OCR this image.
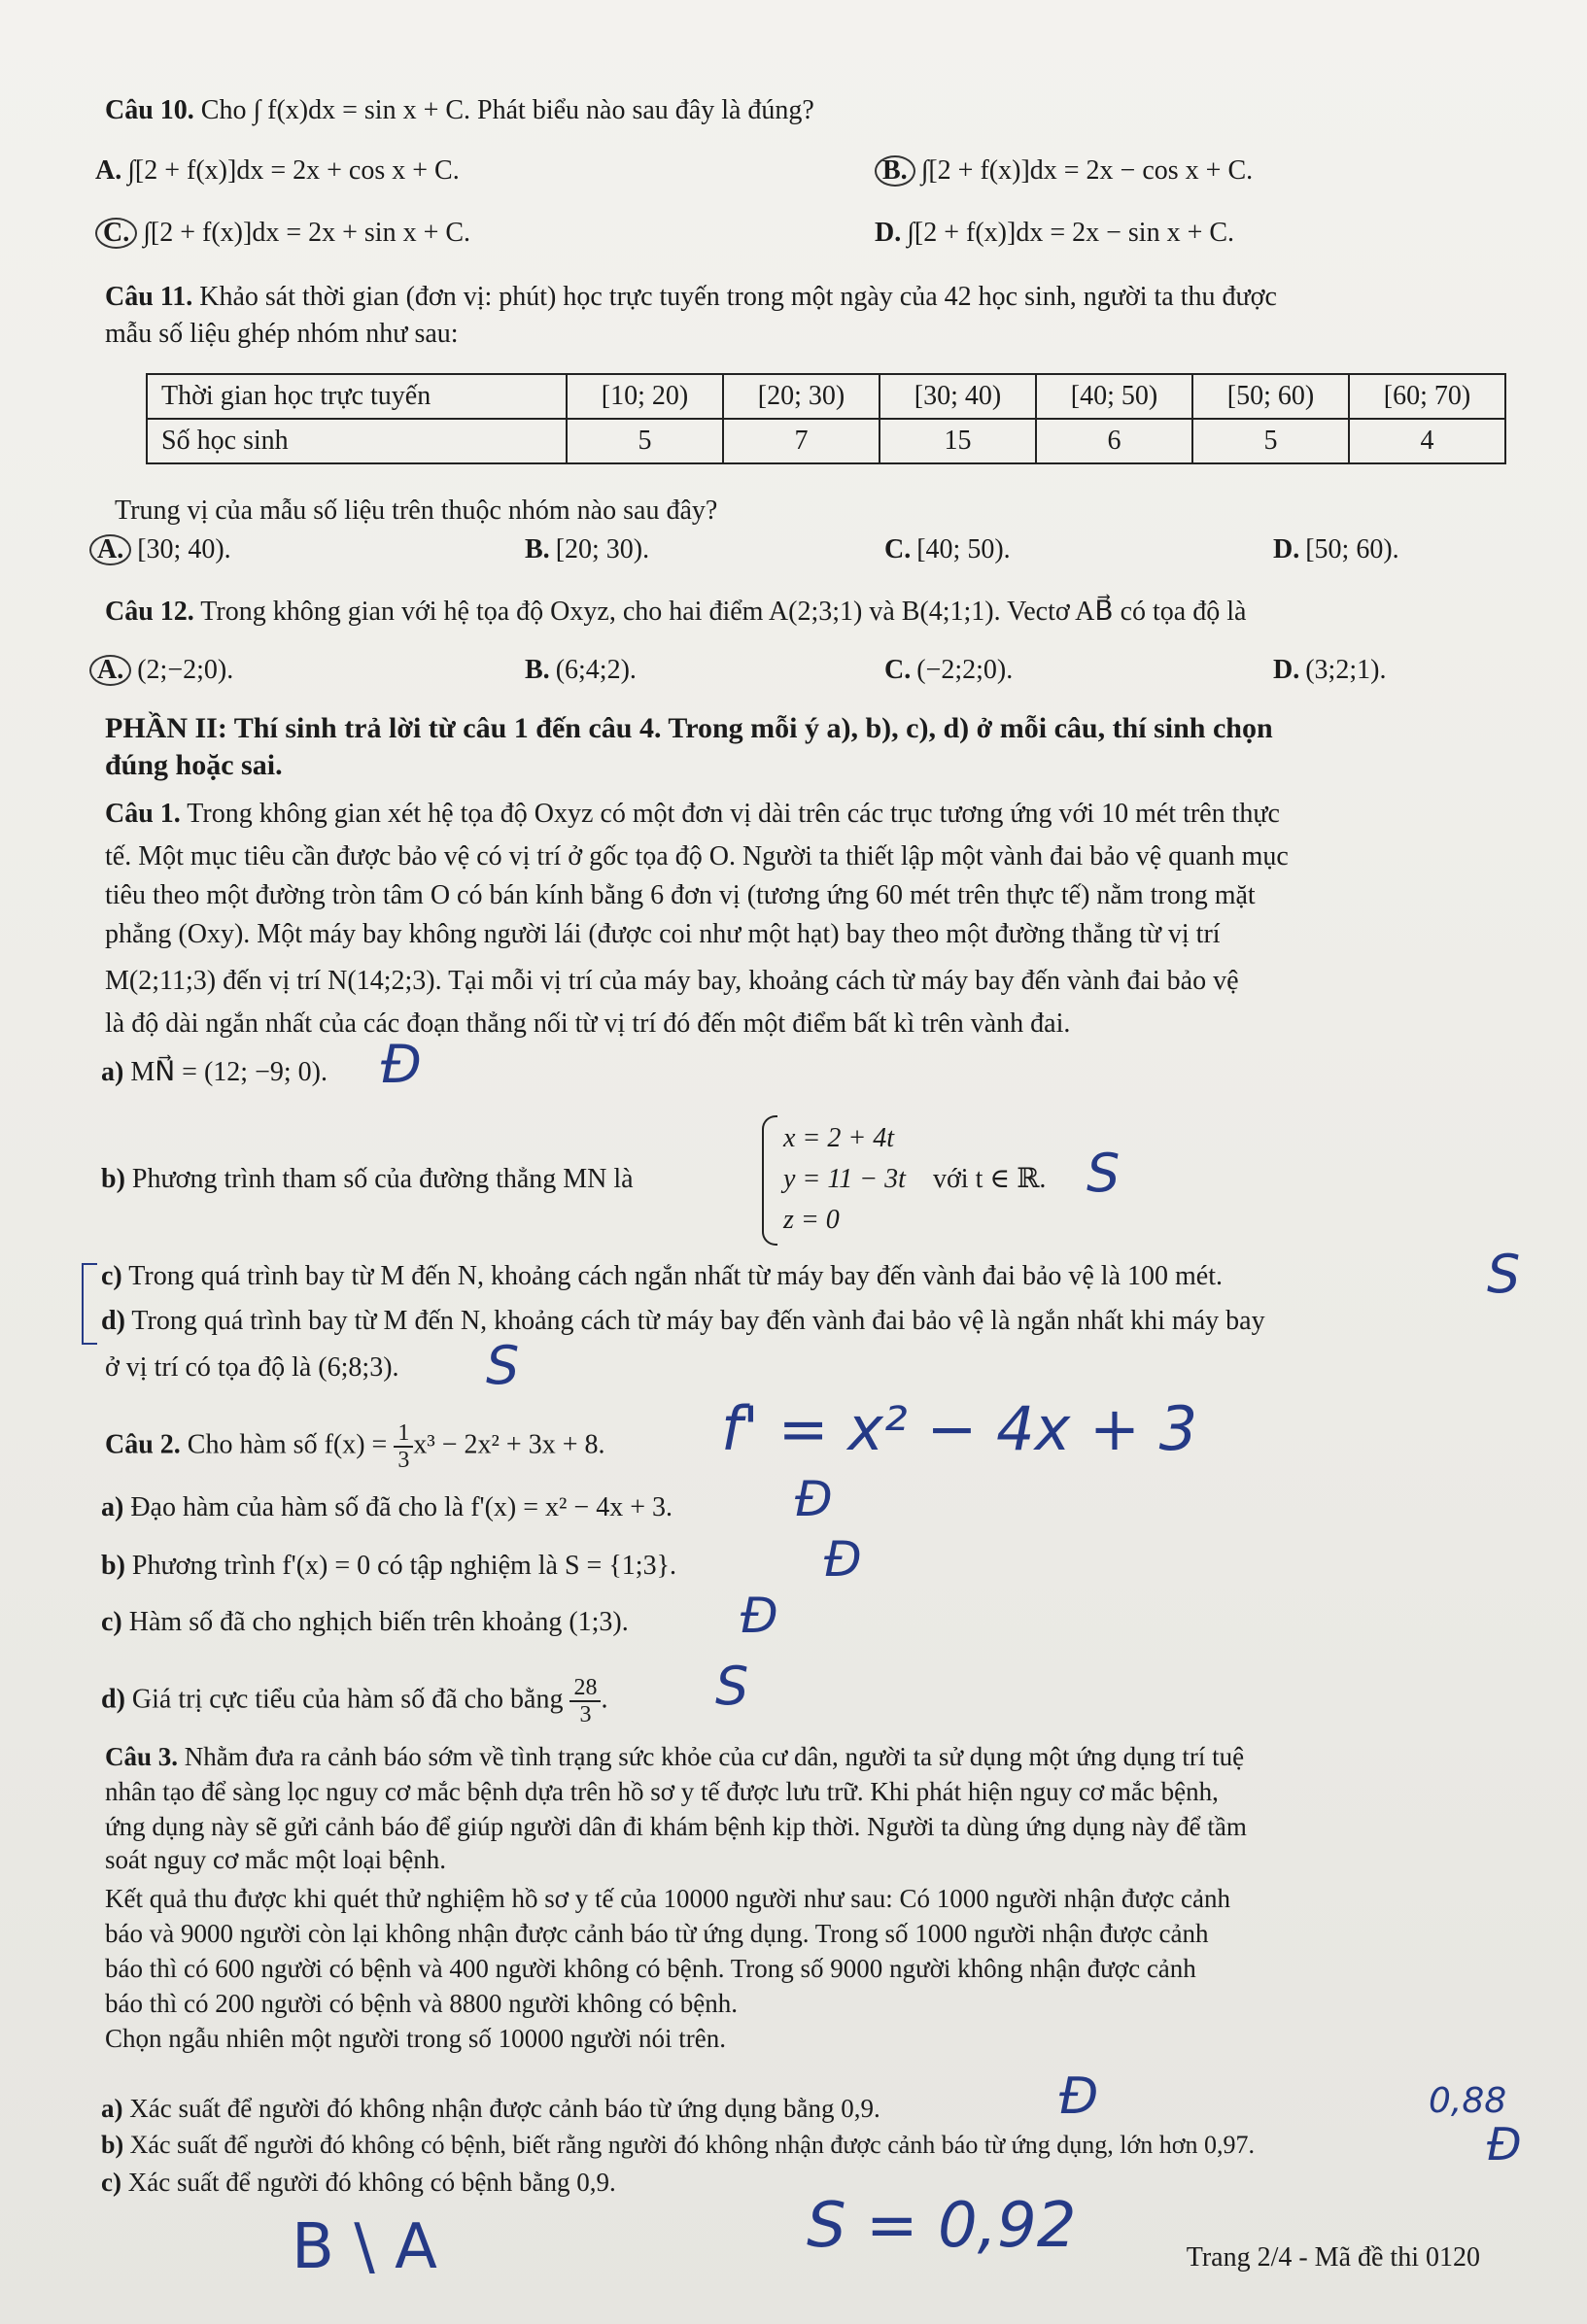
Câu 10. Cho ∫ f(x)dx = sin x + C. Phát biểu nào sau đây là đúng?
A. ∫[2 + f(x)]dx = 2x + cos x + C.	B. ∫[2 + f(x)]dx = 2x − cos x + C.
C. ∫[2 + f(x)]dx = 2x + sin x + C.	D. ∫[2 + f(x)]dx = 2x − sin x + C.
Câu 11. Khảo sát thời gian (đơn vị: phút) học trực tuyến trong một ngày của 42 học sinh, người ta thu được
mẫu số liệu ghép nhóm như sau:
Thời gian học trực tuyến	[10; 20)	[20; 30)	[30; 40)	[40; 50)	[50; 60)	[60; 70)
Số học sinh	5	7	15	6	5	4
Trung vị của mẫu số liệu trên thuộc nhóm nào sau đây?
A. [30; 40).	B. [20; 30).	C. [40; 50).	D. [50; 60).
Câu 12. Trong không gian với hệ tọa độ Oxyz, cho hai điểm A(2;3;1) và B(4;1;1). Vectơ AB⃗ có tọa độ là
A. (2;−2;0).	B. (6;4;2).	C. (−2;2;0).	D. (3;2;1).
PHẦN II: Thí sinh trả lời từ câu 1 đến câu 4. Trong mỗi ý a), b), c), d) ở mỗi câu, thí sinh chọn
đúng hoặc sai.
Câu 1. Trong không gian xét hệ tọa độ Oxyz có một đơn vị dài trên các trục tương ứng với 10 mét trên thực
tế. Một mục tiêu cần được bảo vệ có vị trí ở gốc tọa độ O. Người ta thiết lập một vành đai bảo vệ quanh mục
tiêu theo một đường tròn tâm O có bán kính bằng 6 đơn vị (tương ứng 60 mét trên thực tế) nằm trong mặt
phẳng (Oxy). Một máy bay không người lái (được coi như một hạt) bay theo một đường thẳng từ vị trí
M(2;11;3) đến vị trí N(14;2;3). Tại mỗi vị trí của máy bay, khoảng cách từ máy bay đến vành đai bảo vệ
là độ dài ngắn nhất của các đoạn thẳng nối từ vị trí đó đến một điểm bất kì trên vành đai.
a) MN⃗ = (12; −9; 0). Đ
b) Phương trình tham số của đường thẳng MN là
x = 2 + 4t
y = 11 − 3t
z = 0
với t ∈ ℝ. S
c) Trong quá trình bay từ M đến N, khoảng cách ngắn nhất từ máy bay đến vành đai bảo vệ là 100 mét.	S
d) Trong quá trình bay từ M đến N, khoảng cách từ máy bay đến vành đai bảo vệ là ngắn nhất khi máy bay
ở vị trí có tọa độ là (6;8;3). S
Câu 2. Cho hàm số $f(x) = \frac{1}{3} x^3 - 2x^2 + 3x + 8$. f' = x² − 4x + 3
a) Đạo hàm của hàm số đã cho là f'(x) = x² − 4x + 3.	Đ
b) Phương trình f'(x) = 0 có tập nghiệm là S = {1;3}.	Đ
c) Hàm số đã cho nghịch biến trên khoảng (1;3). Đ
d) Giá trị cực tiểu của hàm số đã cho bằng $\frac{28}{3}$ . S
Câu 3. Nhằm đưa ra cảnh báo sớm về tình trạng sức khỏe của cư dân, người ta sử dụng một ứng dụng trí tuệ
nhân tạo để sàng lọc nguy cơ mắc bệnh dựa trên hồ sơ y tế được lưu trữ. Khi phát hiện nguy cơ mắc bệnh,
ứng dụng này sẽ gửi cảnh báo để giúp người dân đi khám bệnh kịp thời. Người ta dùng ứng dụng này để tầm
soát nguy cơ mắc một loại bệnh.
Kết quả thu được khi quét thử nghiệm hồ sơ y tế của 10000 người như sau: Có 1000 người nhận được cảnh
báo và 9000 người còn lại không nhận được cảnh báo từ ứng dụng. Trong số 1000 người nhận được cảnh
báo thì có 600 người có bệnh và 400 người không có bệnh. Trong số 9000 người không nhận được cảnh
báo thì có 200 người có bệnh và 8800 người không có bệnh.
Chọn ngẫu nhiên một người trong số 10000 người nói trên.
a) Xác suất để người đó không nhận được cảnh báo từ ứng dụng bằng 0,9.	Đ
b) Xác suất để người đó không có bệnh, biết rằng người đó không nhận được cảnh báo từ ứng dụng, lớn hơn 0,97.
0,88
Đ
c) Xác suất để người đó không có bệnh bằng 0,9.
B \ A	S = 0,92	Trang 2/4 - Mã đề thi 0120
